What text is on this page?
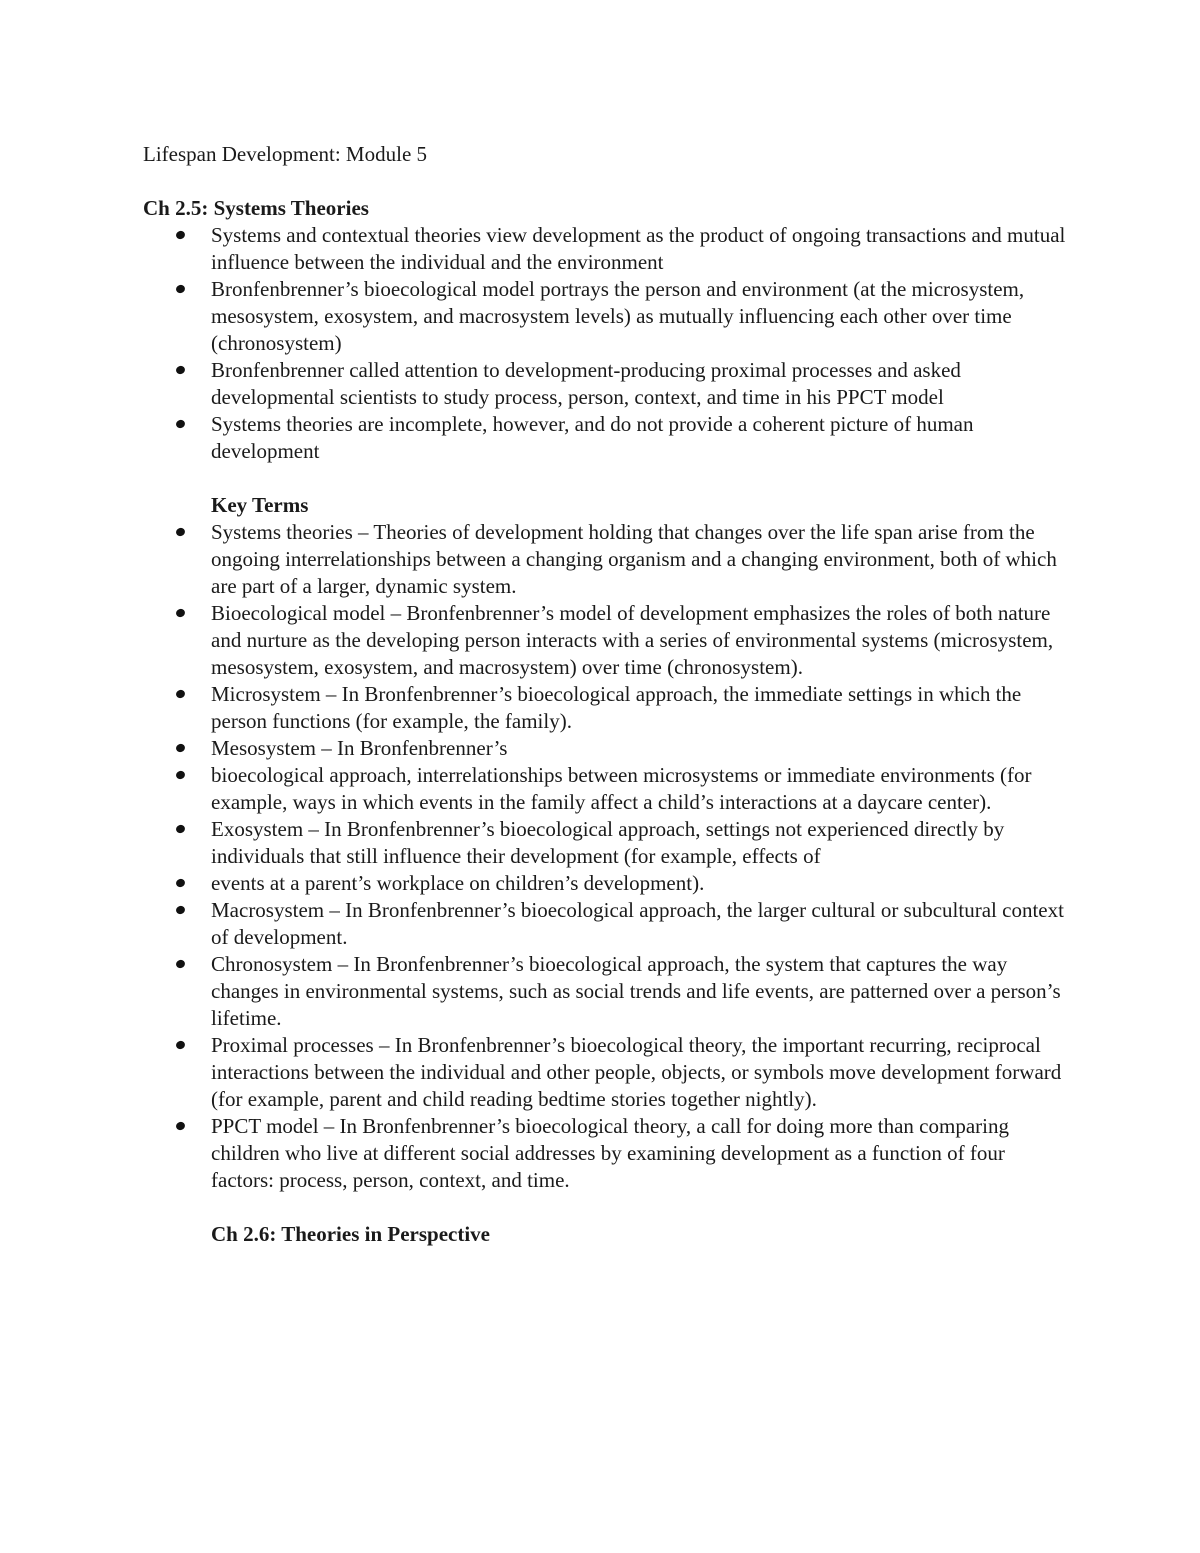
Lifespan Development: Module 5

Ch 2.5: Systems Theories
Systems and contextual theories view development as the product of ongoing transactions and mutual influence between the individual and the environment
Bronfenbrenner’s bioecological model portrays the person and environment (at the microsystem, mesosystem, exosystem, and macrosystem levels) as mutually influencing each other over time (chronosystem)
Bronfenbrenner called attention to development-producing proximal processes and asked developmental scientists to study process, person, context, and time in his PPCT model
Systems theories are incomplete, however, and do not provide a coherent picture of human development
Key Terms
Systems theories – Theories of development holding that changes over the life span arise from the ongoing interrelationships between a changing organism and a changing environment, both of which are part of a larger, dynamic system.
Bioecological model – Bronfenbrenner’s model of development emphasizes the roles of both nature and nurture as the developing person interacts with a series of environmental systems (microsystem, mesosystem, exosystem, and macrosystem) over time (chronosystem).
Microsystem – In Bronfenbrenner’s bioecological approach, the immediate settings in which the person functions (for example, the family).
Mesosystem – In Bronfenbrenner’s
bioecological approach, interrelationships between microsystems or immediate environments (for example, ways in which events in the family affect a child’s interactions at a daycare center).
Exosystem – In Bronfenbrenner’s bioecological approach, settings not experienced directly by individuals that still influence their development (for example, effects of
events at a parent’s workplace on children’s development).
Macrosystem – In Bronfenbrenner’s bioecological approach, the larger cultural or subcultural context of development.
Chronosystem – In Bronfenbrenner’s bioecological approach, the system that captures the way changes in environmental systems, such as social trends and life events, are patterned over a person’s lifetime.
Proximal processes – In Bronfenbrenner’s bioecological theory, the important recurring, reciprocal interactions between the individual and other people, objects, or symbols move development forward (for example, parent and child reading bedtime stories together nightly).
PPCT model – In Bronfenbrenner’s bioecological theory, a call for doing more than comparing children who live at different social addresses by examining development as a function of four factors: process, person, context, and time.
Ch 2.6: Theories in Perspective
